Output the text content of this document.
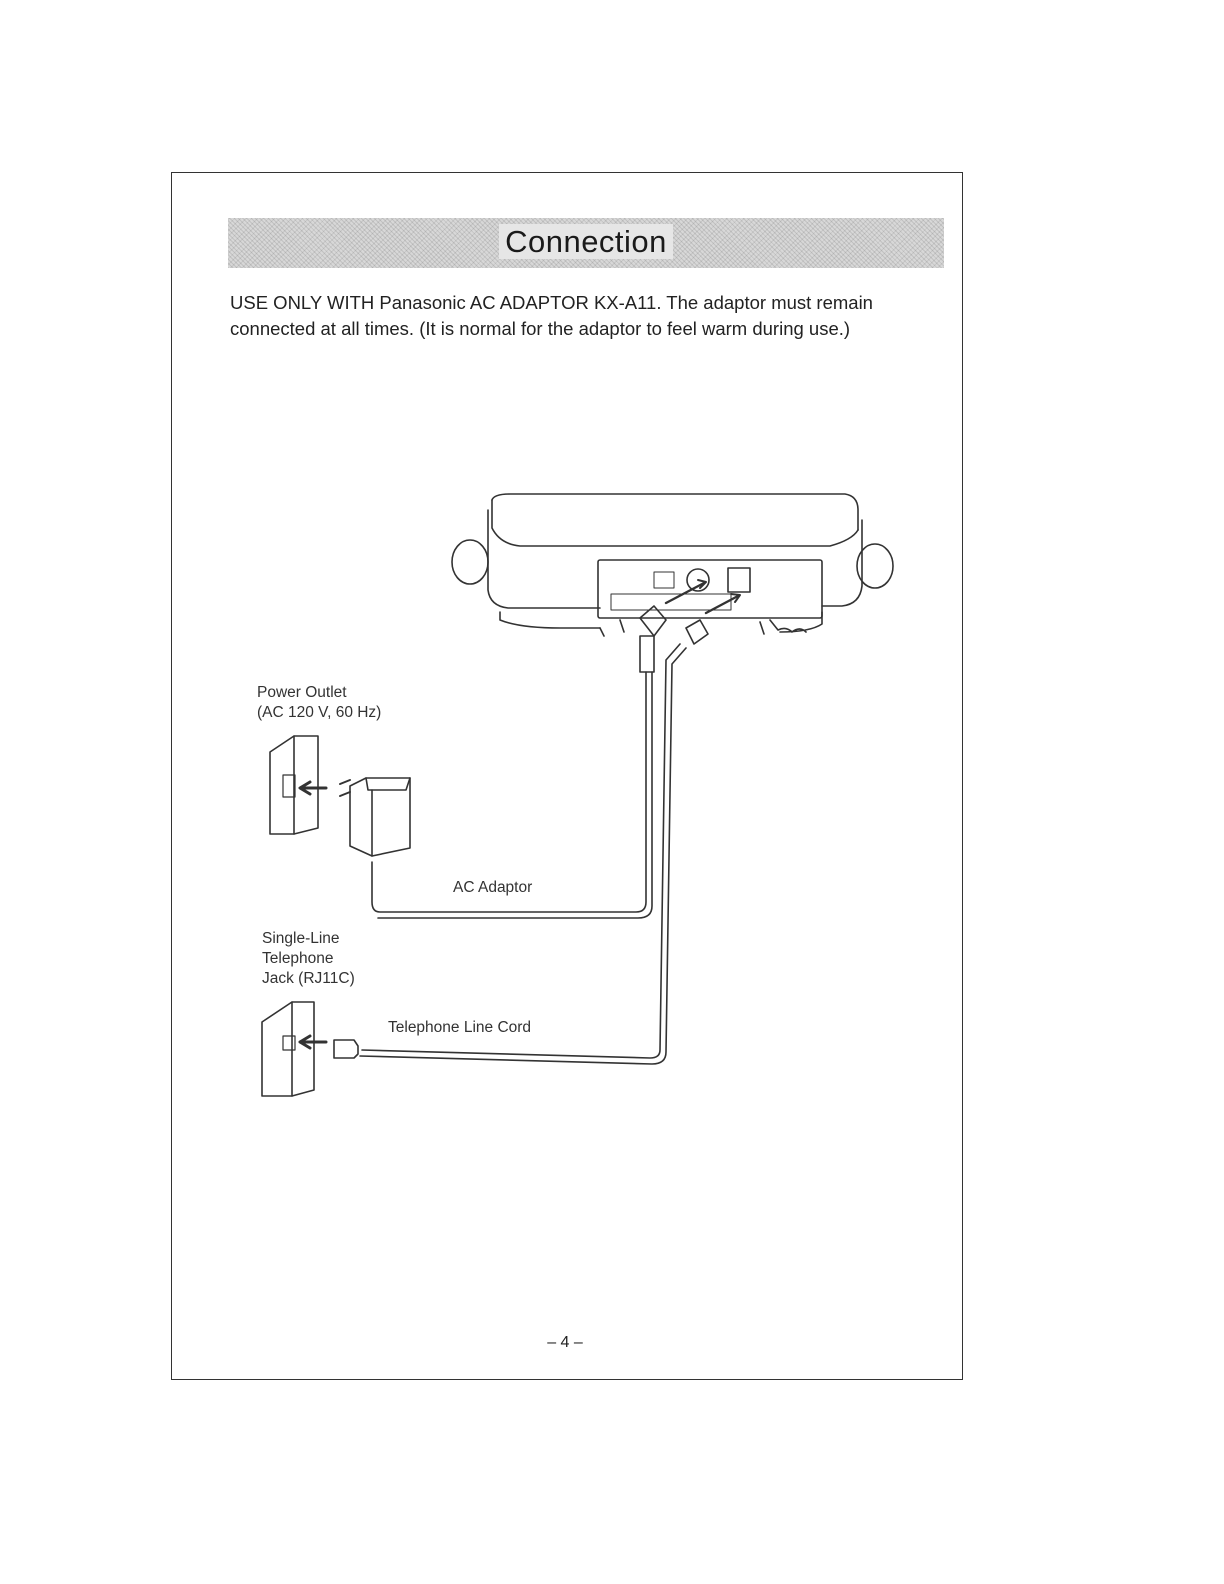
Connection

USE ONLY WITH Panasonic AC ADAPTOR KX-A11. The adaptor must remain connected at all times. (It is normal for the adaptor to feel warm during use.)

Power Outlet
(AC 120 V, 60 Hz)
AC Adaptor
Single-Line
Telephone
Jack (RJ11C)
Telephone Line Cord
– 4 –
